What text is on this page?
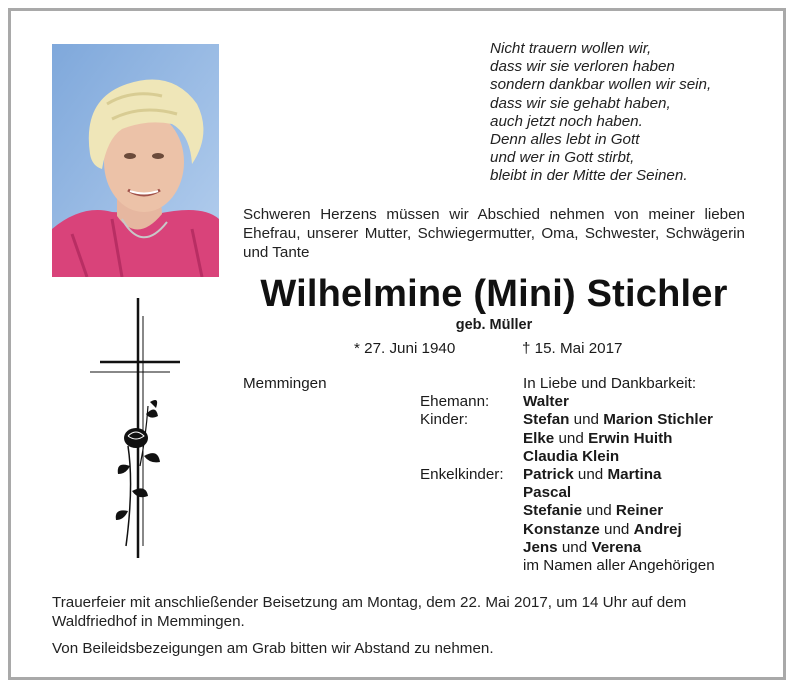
Nicht trauern wollen wir,
dass wir sie verloren haben
sondern dankbar wollen wir sein,
dass wir sie gehabt haben,
auch jetzt noch haben.
Denn alles lebt in Gott
und wer in Gott stirbt,
bleibt in der Mitte der Seinen.
Schweren Herzens müssen wir Abschied nehmen von meiner lieben Ehefrau, unserer Mutter, Schwiegermutter, Oma, Schwester, Schwägerin und Tante
Wilhelmine (Mini) Stichler
geb. Müller
* 27. Juni 1940	† 15. Mai 2017
Memmingen

Ehemann:
Kinder:

Enkelkinder:
In Liebe und Dankbarkeit:
Walter
Stefan und Marion Stichler
Elke und Erwin Huith
Claudia Klein
Patrick und Martina
Pascal
Stefanie und Reiner
Konstanze und Andrej
Jens und Verena
im Namen aller Angehörigen

Trauerfeier mit anschließender Beisetzung am Montag, dem 22. Mai 2017, um 14 Uhr auf dem Waldfriedhof in Memmingen.

Von Beileidsbezeigungen am Grab bitten wir Abstand zu nehmen.
